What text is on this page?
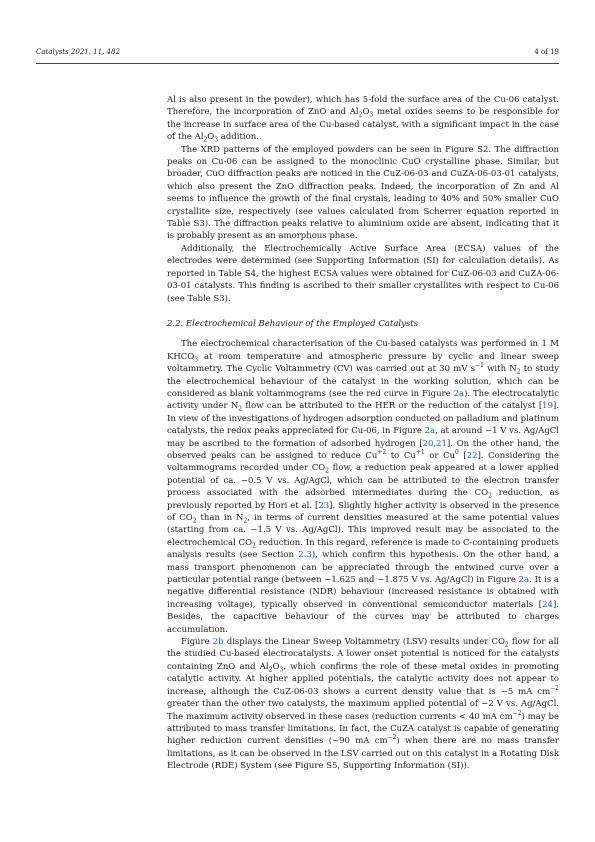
Catalysts 2021, 11, 482	4 of 19

Al is also present in the powder), which has 5-fold the surface area of the Cu-06 catalyst. Therefore, the incorporation of ZnO and $Al_2O_3$ metal oxides seems to be responsible for the increase in surface area of the Cu-based catalyst, with a significant impact in the case of the $Al_2O_3$ addition.

The XRD patterns of the employed powders can be seen in Figure S2. The diffraction peaks on Cu-06 can be assigned to the monoclinic CuO crystalline phase. Similar, but broader, CuO diffraction peaks are noticed in the CuZ-06-03 and CuZA-06-03-01 catalysts, which also present the ZnO diffraction peaks. Indeed, the incorporation of Zn and Al seems to influence the growth of the final crystals, leading to 40% and 50% smaller CuO crystallite size, respectively (see values calculated from Scherrer equation reported in Table S3). The diffraction peaks relative to aluminium oxide are absent, indicating that it is probably present as an amorphous phase.

Additionally, the Electrochemically Active Surface Area (ECSA) values of the electrodes were determined (see Supporting Information (SI) for calculation details). As reported in Table S4, the highest ECSA values were obtained for CuZ-06-03 and CuZA-06-03-01 catalysts. This finding is ascribed to their smaller crystallites with respect to Cu-06 (see Table S3).

2.2. Electrochemical Behaviour of the Employed Catalysts

The electrochemical characterisation of the Cu-based catalysts was performed in 1 M $KHCO_3$ at room temperature and atmospheric pressure by cyclic and linear sweep voltammetry. The Cyclic Voltammetry (CV) was carried out at 30 mV $s^{-1}$ with $N_2$ to study the electrochemical behaviour of the catalyst in the working solution, which can be considered as blank voltammograms (see the red curve in Figure 2a). The electrocatalytic activity under $N_2$ flow can be attributed to the HER or the reduction of the catalyst [19]. In view of the investigations of hydrogen adsorption conducted on palladium and platinum catalysts, the redox peaks appreciated for Cu-06, in Figure 2a, at around −1 V vs. Ag/AgCl may be ascribed to the formation of adsorbed hydrogen [20,21]. On the other hand, the observed peaks can be assigned to reduce $Cu^{+2}$ to $Cu^{+1}$ or Cu$^0$ [22]. Considering the voltammograms recorded under $CO_2$ flow, a reduction peak appeared at a lower applied potential of ca. −0.5 V vs. Ag/AgCl, which can be attributed to the electron transfer process associated with the adsorbed intermediates during the $CO_2$ reduction, as previously reported by Hori et al. [23]. Slightly higher activity is observed in the presence of $CO_2$ than in $N_2$, in terms of current densities measured at the same potential values (starting from ca. −1.5 V vs. Ag/AgCl). This improved result may be associated to the electrochemical $CO_2$ reduction. In this regard, reference is made to C-containing products analysis results (see Section 2.3), which confirm this hypothesis. On the other hand, a mass transport phenomenon can be appreciated through the entwined curve over a particular potential range (between −1.625 and −1.875 V vs. Ag/AgCl) in Figure 2a. It is a negative differential resistance (NDR) behaviour (increased resistance is obtained with increasing voltage), typically observed in conventional semiconductor materials [24]. Besides, the capacitive behaviour of the curves may be attributed to charges accumulation.

Figure 2b displays the Linear Sweep Voltammetry (LSV) results under $CO_2$ flow for all the studied Cu-based electrocatalysts. A lower onset potential is noticed for the catalysts containing ZnO and $Al_2O_3$, which confirms the role of these metal oxides in promoting catalytic activity. At higher applied potentials, the catalytic activity does not appear to increase, although the CuZ-06-03 shows a current density value that is ~5 mA $cm^{-2}$ greater than the other two catalysts, the maximum applied potential of −2 V vs. Ag/AgCl. The maximum activity observed in these cases (reduction currents < 40 mA $cm^{-2}$) may be attributed to mass transfer limitations. In fact, the CuZA catalyst is capable of generating higher reduction current densities (~90 mA $cm^{-2}$) when there are no mass transfer limitations, as it can be observed in the LSV carried out on this catalyst in a Rotating Disk Electrode (RDE) System (see Figure S5, Supporting Information (SI)).
